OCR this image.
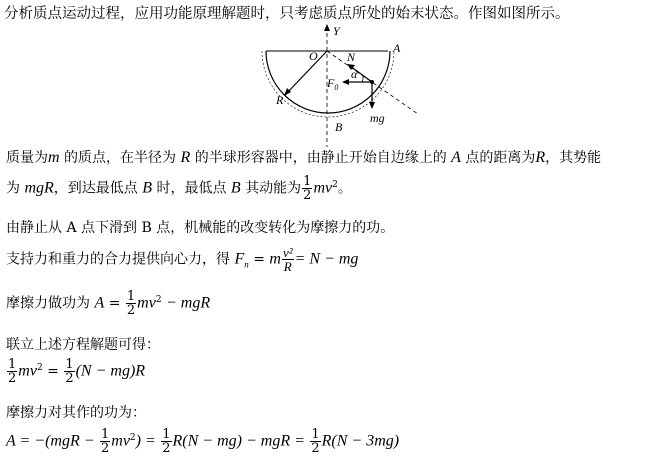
分析质点运动过程，应用功能原理解题时，只考虑质点所处的始末状态。作图如图所示。
Y
O
A
N
α
$F_0$
R
mg
B
质量为m 的质点，在半径为 R 的半球形容器中，由静止开始自边缘上的 A 点的距离为R，其势能
为 mgR，到达最低点 B 时，最低点 B 其动能为 $\frac{1}{2} mv^2$。
由静止从 A 点下滑到 B 点，机械能的改变转化为摩擦力的功。
支持力和重力的合力提供向心力，得 $F_n = m \frac{\text{v²}}{R} = N$ − mg
摩擦力做功为 $A = \frac{1}{2} mv^2$ − mgR
联立上述方程解题可得：
$\frac{1}{2} mv^2 = \frac{1}{2} (N - mg)R$
摩擦力对其作的功为：
$A = -(mgR - \frac{1}{2} mv^2) = \frac{1}{2} R(N - mg)$ − mgR = $\frac{1}{2} R(N - 3mg)$
